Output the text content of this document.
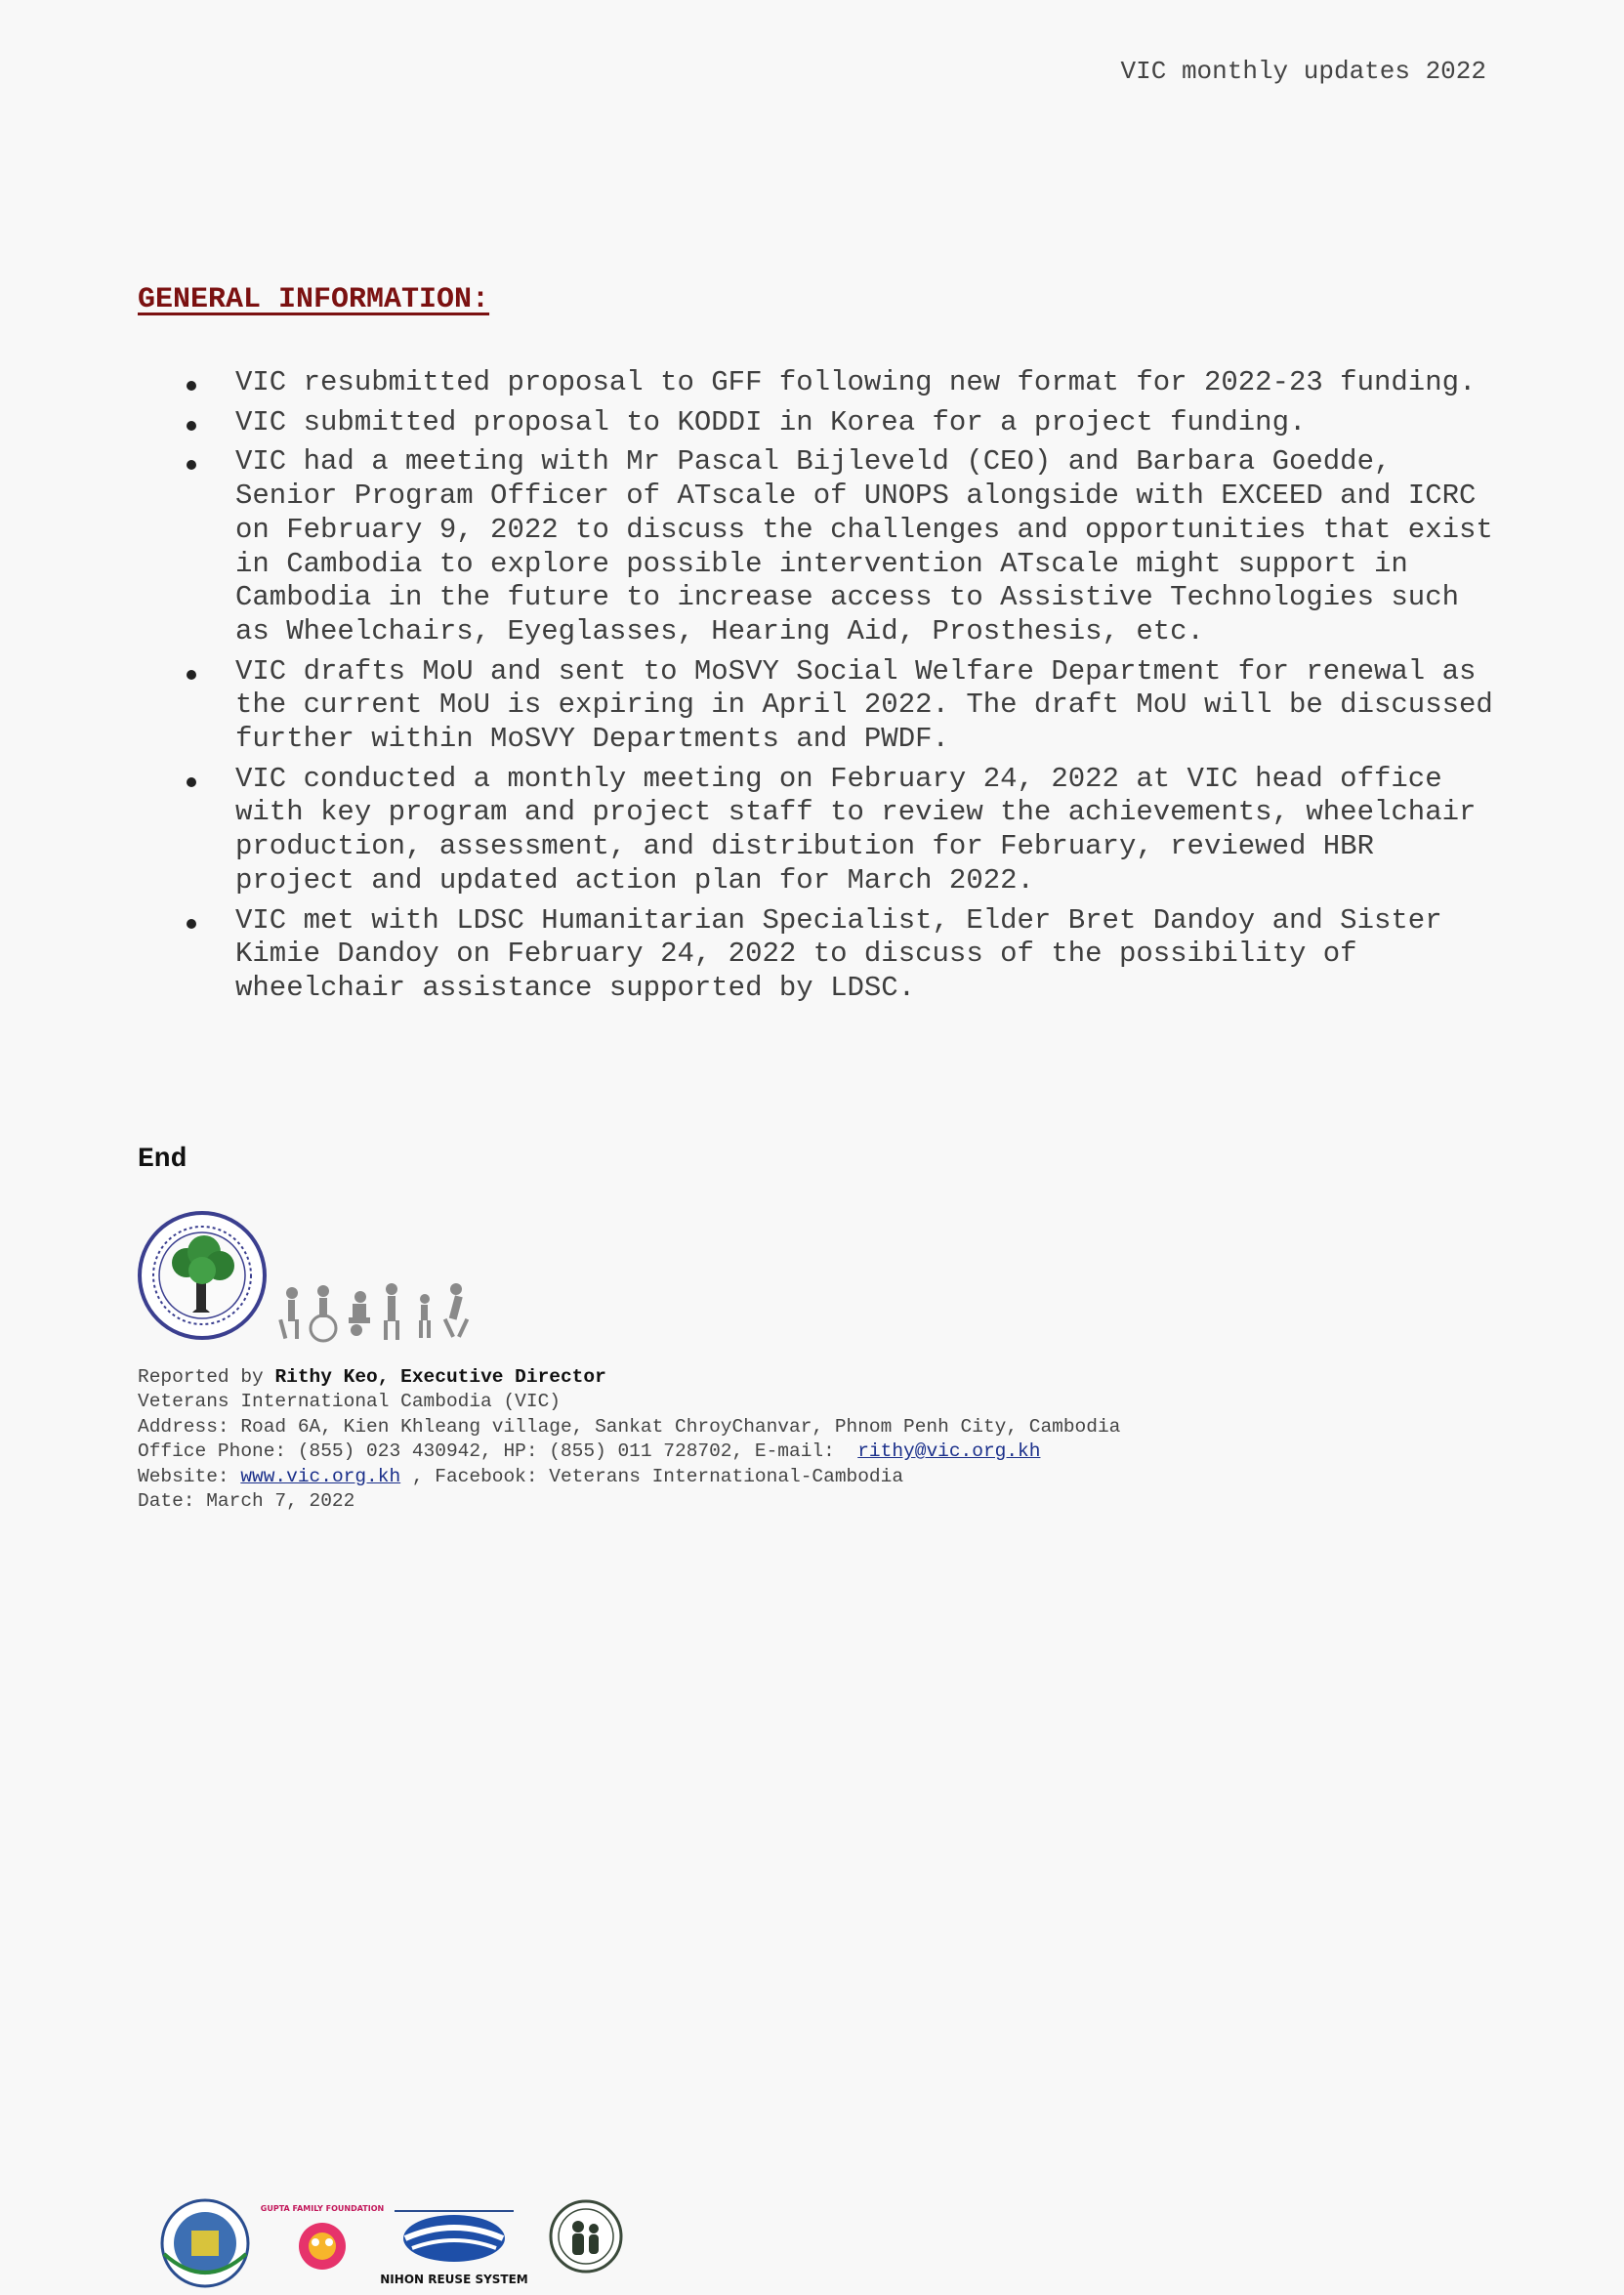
VIC monthly updates 2022
GENERAL INFORMATION:
VIC resubmitted proposal to GFF following new format for 2022-23 funding.
VIC submitted proposal to KODDI in Korea for a project funding.
VIC had a meeting with Mr Pascal Bijleveld (CEO) and Barbara Goedde, Senior Program Officer of ATscale of UNOPS alongside with EXCEED and ICRC on February 9, 2022 to discuss the challenges and opportunities that exist in Cambodia to explore possible intervention ATscale might support in Cambodia in the future to increase access to Assistive Technologies such as Wheelchairs, Eyeglasses, Hearing Aid, Prosthesis, etc.
VIC drafts MoU and sent to MoSVY Social Welfare Department for renewal as the current MoU is expiring in April 2022. The draft MoU will be discussed further within MoSVY Departments and PWDF.
VIC conducted a monthly meeting on February 24, 2022 at VIC head office with key program and project staff to review the achievements, wheelchair production, assessment, and distribution for February, reviewed HBR project and updated action plan for March 2022.
VIC met with LDSC Humanitarian Specialist, Elder Bret Dandoy and Sister Kimie Dandoy on February 24, 2022 to discuss of the possibility of wheelchair assistance supported by LDSC.
End
Reported by Rithy Keo, Executive Director
Veterans International Cambodia (VIC)
Address: Road 6A, Kien Khleang village, Sankat ChroyChanvar, Phnom Penh City, Cambodia
Office Phone: (855) 023 430942, HP: (855) 011 728702, E-mail:  rithy@vic.org.kh
Website: www.vic.org.kh , Facebook: Veterans International-Cambodia
Date: March 7, 2022
GUPTA FAMILY FOUNDATION
NIHON REUSE SYSTEM
